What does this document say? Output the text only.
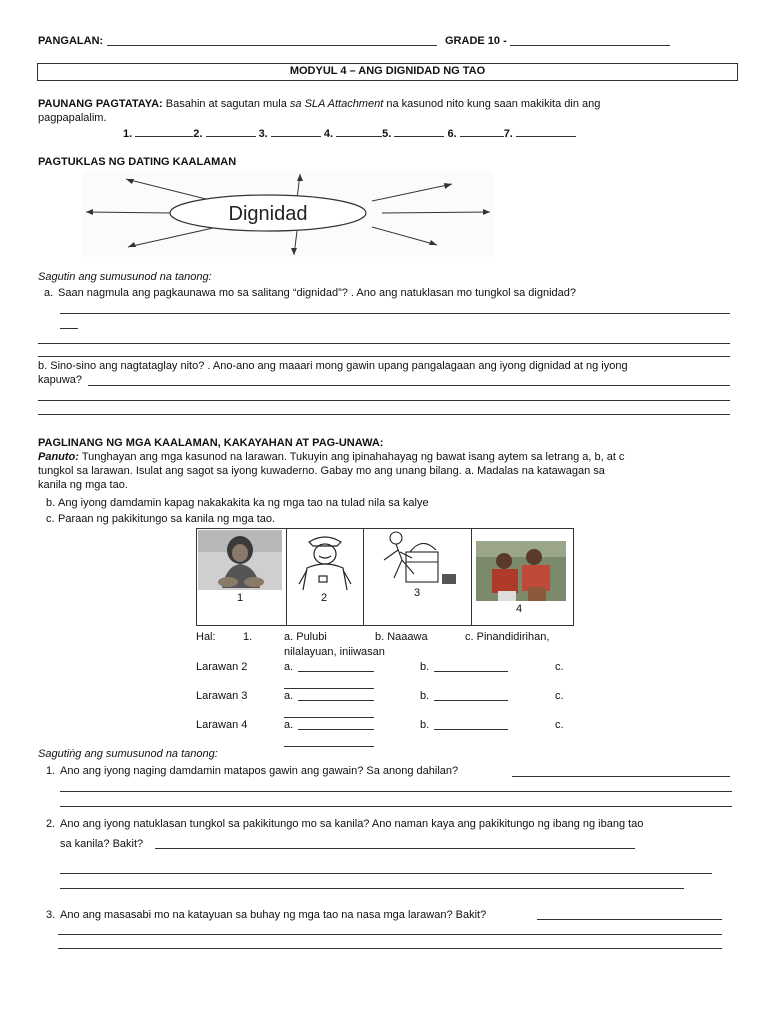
PANGALAN:	GRADE 10 -
MODYUL 4 – ANG DIGNIDAD NG TAO
PAUNANG PAGTATAYA: Basahin at sagutan mula sa SLA Attachment na kasunod nito kung saan makikita din ang
pagpapalalim.
1.	2.	3.	4.	5.	6.	7.
PAGTUKLAS NG DATING KAALAMAN
Dignidad
Sagutin ang sumusunod na tanong:
a. Saan nagmula ang pagkaunawa mo sa salitang “dignidad”? . Ano ang natuklasan mo tungkol sa dignidad?
b. Sino-sino ang nagtataglay nito? . Ano-ano ang maaari mong gawin upang pangalagaan ang iyong dignidad at ng iyong
kapuwa?
PAGLINANG NG MGA KAALAMAN, KAKAYAHAN AT PAG-UNAWA:
Panuto: Tunghayan ang mga kasunod na larawan. Tukuyin ang ipinahahayag ng bawat isang aytem sa letrang a, b, at c
tungkol sa larawan. Isulat ang sagot sa iyong kuwaderno. Gabay mo ang unang bilang. a. Madalas na katawagan sa
kanila ng mga tao.
b. Ang iyong damdamin kapag nakakakita ka ng mga tao na tulad nila sa kalye
c. Paraan ng pakikitungo sa kanila ng mga tao.
1	2	3
4
Hal: 1.	a. Pulubi	b. Naaawa	c. Pinandidirihan,
nilalayuan, iniiwasan
Larawan 2	a.	b.	c.
Larawan 3	a.	b.	c.
Larawan 4	a.	b.	c.
Sagutiṅg ang sumusunod na tanong:
1. Ano ang iyong naging damdamin matapos gawin ang gawain? Sa anong dahilan?
2. Ano ang iyong natuklasan tungkol sa pakikitungo mo sa kanila? Ano naman kaya ang pakikitungo ng ibang ng ibang tao
sa kanila? Bakit?
3. Ano ang masasabi mo na katayuan sa buhay ng mga tao na nasa mga larawan? Bakit?
